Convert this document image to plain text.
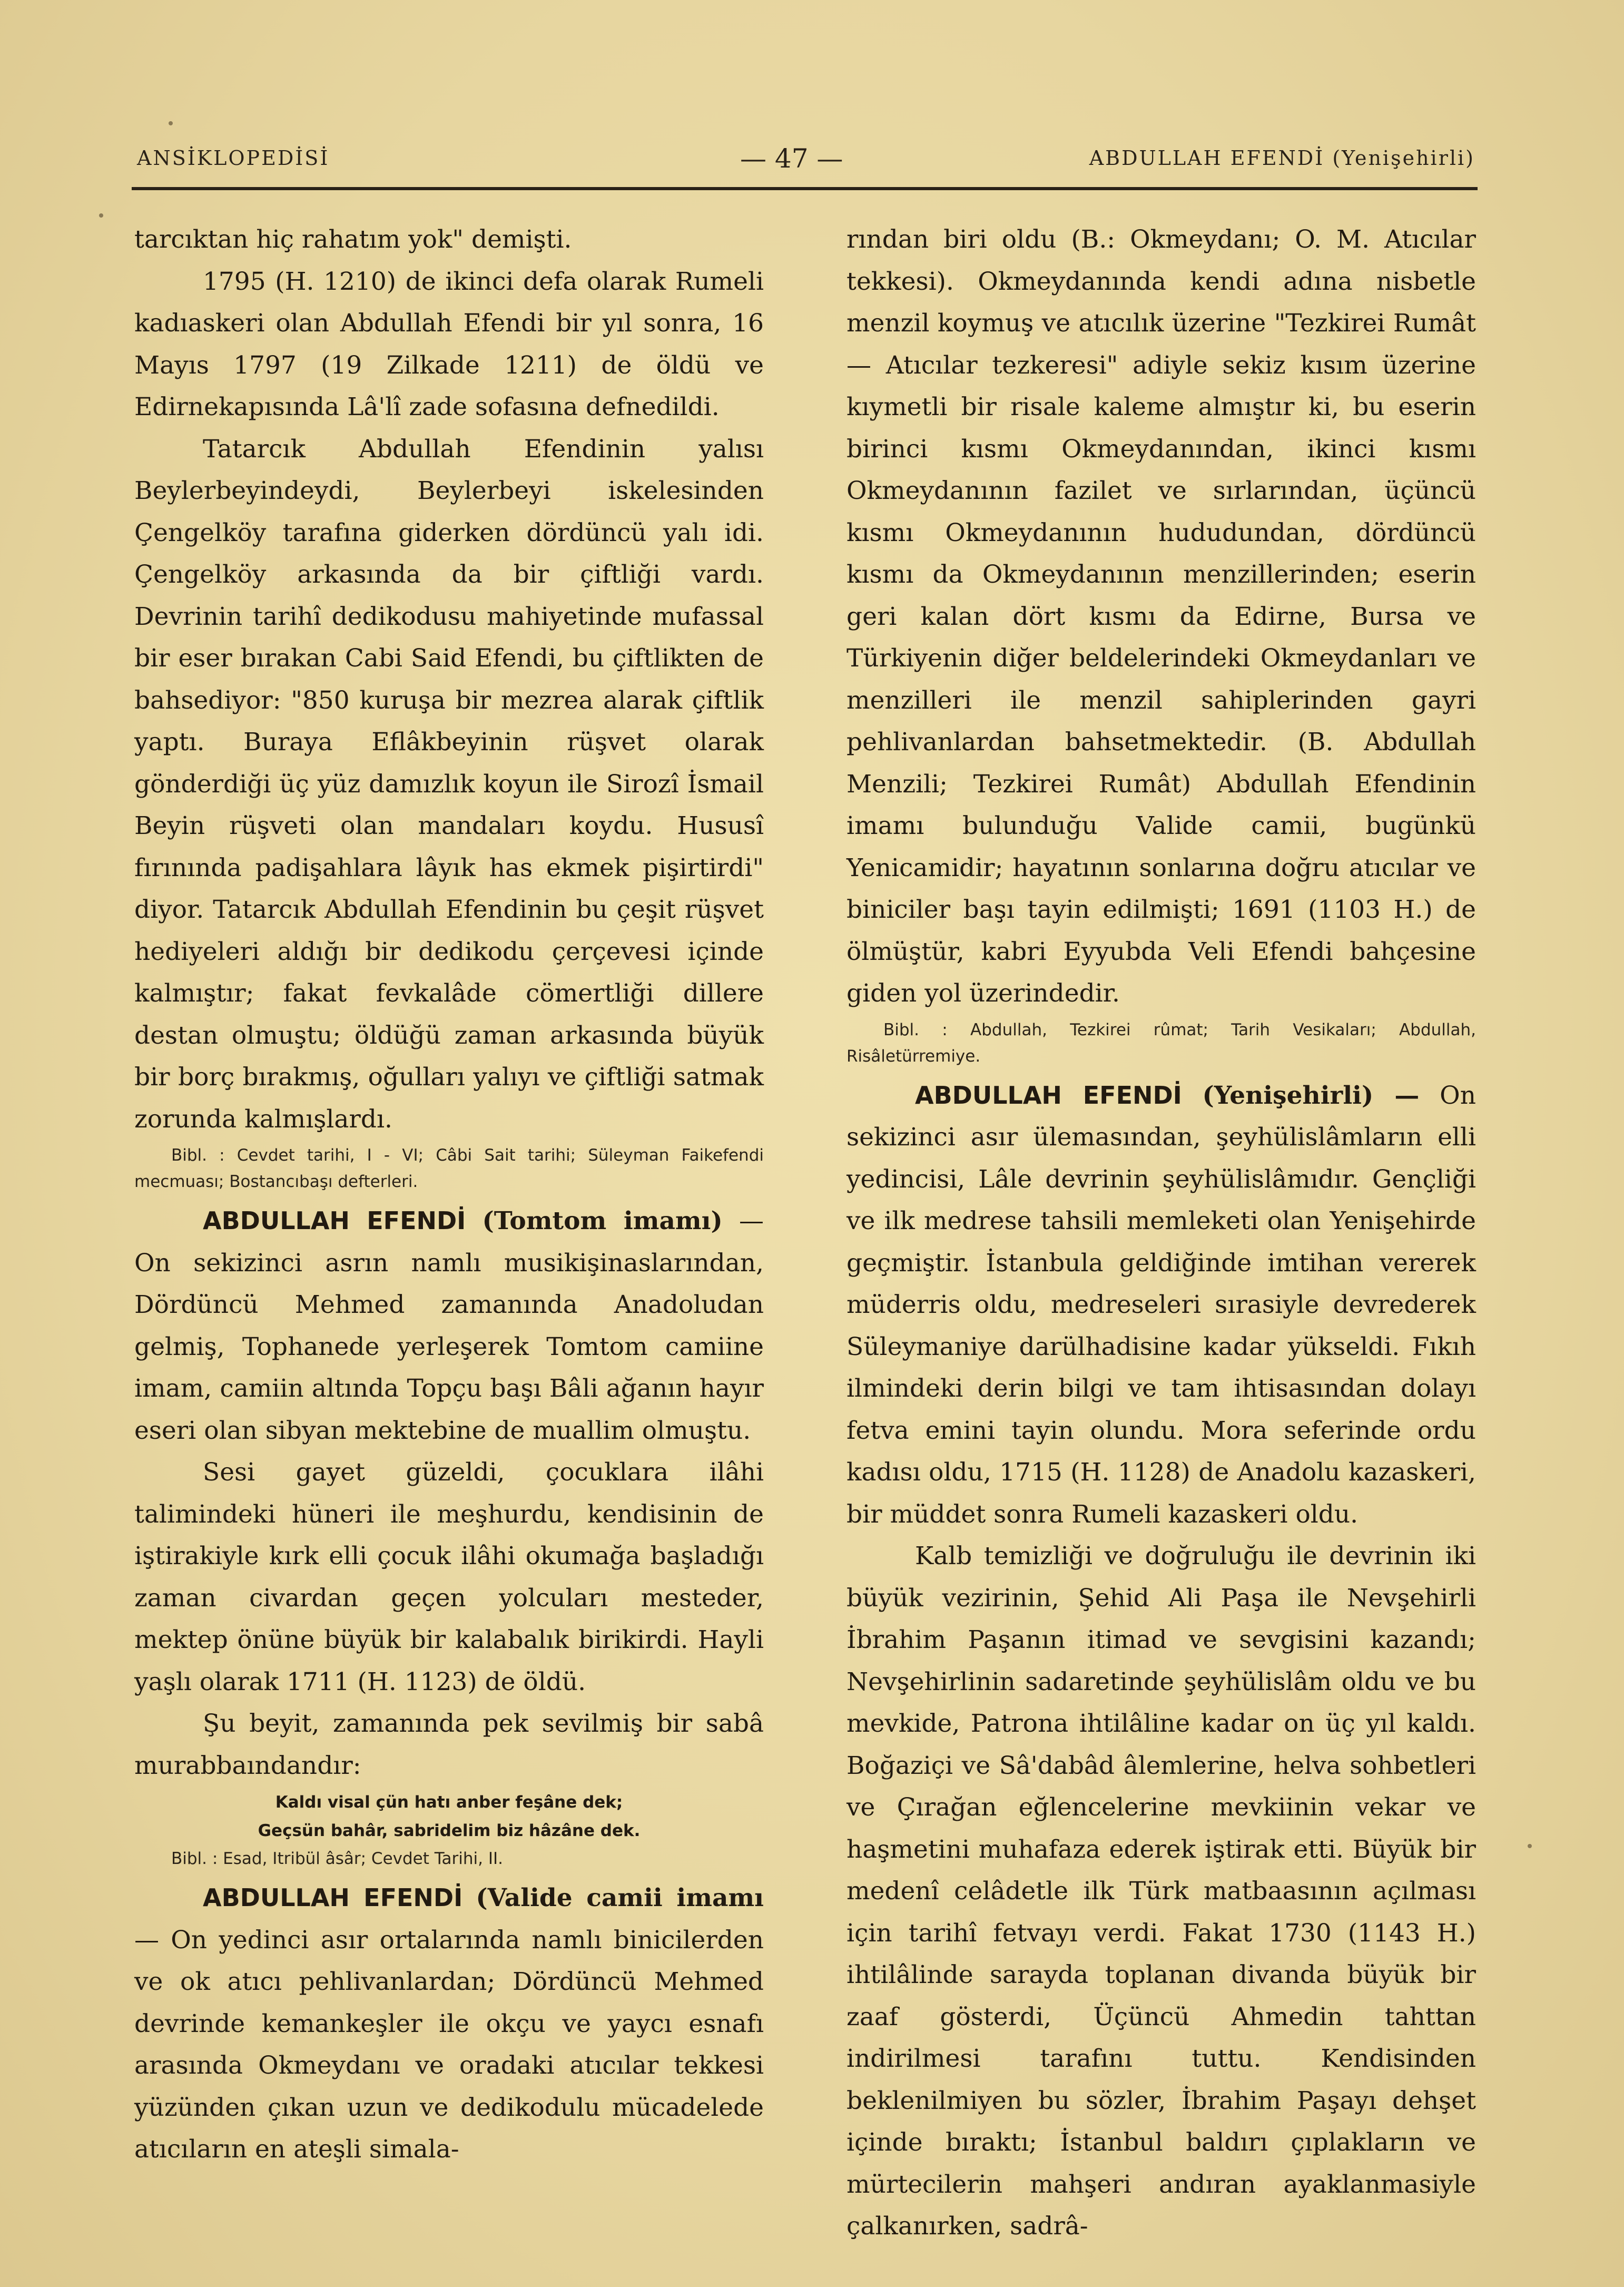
ANSİKLOPEDİSİ	— 47 —	ABDULLAH EFENDİ (Yenişehirli)

tarcıktan hiç rahatım yok" demişti.

1795 (H. 1210) de ikinci defa olarak Rumeli kadıaskeri olan Abdullah Efendi bir yıl sonra, 16 Mayıs 1797 (19 Zilkade 1211) de öldü ve Edirnekapısında Lâ'lî zade sofasına defnedildi.

Tatarcık Abdullah Efendinin yalısı Beylerbeyindeydi, Beylerbeyi iskelesinden Çengelköy tarafına giderken dördüncü yalı idi. Çengelköy arkasında da bir çiftliği vardı. Devrinin tarihî dedikodusu mahiyetinde mufassal bir eser bırakan Cabi Said Efendi, bu çiftlikten de bahsediyor: "850 kuruşa bir mezrea alarak çiftlik yaptı. Buraya Eflâkbeyinin rüşvet olarak gönderdiği üç yüz damızlık koyun ile Sirozî İsmail Beyin rüşveti olan mandaları koydu. Hususî fırınında padişahlara lâyık has ekmek pişirtirdi" diyor. Tatarcık Abdullah Efendinin bu çeşit rüşvet hediyeleri aldığı bir dedikodu çerçevesi içinde kalmıştır; fakat fevkalâde cömertliği dillere destan olmuştu; öldüğü zaman arkasında büyük bir borç bırakmış, oğulları yalıyı ve çiftliği satmak zorunda kalmışlardı.

Bibl. : Cevdet tarihi, I - VI; Câbi Sait tarihi; Süleyman Faikefendi mecmuası; Bostancıbaşı defterleri.

ABDULLAH EFENDİ (Tomtom imamı) — On sekizinci asrın namlı musikişinaslarından, Dördüncü Mehmed zamanında Anadoludan gelmiş, Tophanede yerleşerek Tomtom camiine imam, camiin altında Topçu başı Bâli ağanın hayır eseri olan sibyan mektebine de muallim olmuştu.

Sesi gayet güzeldi, çocuklara ilâhi talimindeki hüneri ile meşhurdu, kendisinin de iştirakiyle kırk elli çocuk ilâhi okumağa başladığı zaman civardan geçen yolcuları mesteder, mektep önüne büyük bir kalabalık birikirdi. Hayli yaşlı olarak 1711 (H. 1123) de öldü.

Şu beyit, zamanında pek sevilmiş bir sabâ murabbaındandır:

Kaldı visal çün hatı anber feşâne dek;

Geçsün bahâr, sabridelim biz hâzâne dek.

Bibl. : Esad, Itribül âsâr; Cevdet Tarihi, II.

ABDULLAH EFENDİ (Valide camii imamı — On yedinci asır ortalarında namlı binicilerden ve ok atıcı pehlivanlardan; Dördüncü Mehmed devrinde kemankeşler ile okçu ve yaycı esnafı arasında Okmeydanı ve oradaki atıcılar tekkesi yüzünden çıkan uzun ve dedikodulu mücadelede atıcıların en ateşli simala-

rından biri oldu (B.: Okmeydanı; O. M. Atıcılar tekkesi). Okmeydanında kendi adına nisbetle menzil koymuş ve atıcılık üzerine "Tezkirei Rumât — Atıcılar tezkeresi" adiyle sekiz kısım üzerine kıymetli bir risale kaleme almıştır ki, bu eserin birinci kısmı Okmeydanından, ikinci kısmı Okmeydanının fazilet ve sırlarından, üçüncü kısmı Okmeydanının hududundan, dördüncü kısmı da Okmeydanının menzillerinden; eserin geri kalan dört kısmı da Edirne, Bursa ve Türkiyenin diğer beldelerindeki Okmeydanları ve menzilleri ile menzil sahiplerinden gayri pehlivanlardan bahsetmektedir. (B. Abdullah Menzili; Tezkirei Rumât) Abdullah Efendinin imamı bulunduğu Valide camii, bugünkü Yenicamidir; hayatının sonlarına doğru atıcılar ve biniciler başı tayin edilmişti; 1691 (1103 H.) de ölmüştür, kabri Eyyubda Veli Efendi bahçesine giden yol üzerindedir.

Bibl. : Abdullah, Tezkirei rûmat; Tarih Vesikaları; Abdullah, Risâletürremiye.

ABDULLAH EFENDİ (Yenişehirli) — On sekizinci asır ülemasından, şeyhülislâmların elli yedincisi, Lâle devrinin şeyhülislâmıdır. Gençliği ve ilk medrese tahsili memleketi olan Yenişehirde geçmiştir. İstanbula geldiğinde imtihan vererek müderris oldu, medreseleri sırasiyle devrederek Süleymaniye darülhadisine kadar yükseldi. Fıkıh ilmindeki derin bilgi ve tam ihtisasından dolayı fetva emini tayin olundu. Mora seferinde ordu kadısı oldu, 1715 (H. 1128) de Anadolu kazaskeri, bir müddet sonra Rumeli kazaskeri oldu.

Kalb temizliği ve doğruluğu ile devrinin iki büyük vezirinin, Şehid Ali Paşa ile Nevşehirli İbrahim Paşanın itimad ve sevgisini kazandı; Nevşehirlinin sadaretinde şeyhülislâm oldu ve bu mevkide, Patrona ihtilâline kadar on üç yıl kaldı. Boğaziçi ve Sâ'dabâd âlemlerine, helva sohbetleri ve Çırağan eğlencelerine mevkiinin vekar ve haşmetini muhafaza ederek iştirak etti. Büyük bir medenî celâdetle ilk Türk matbaasının açılması için tarihî fetvayı verdi. Fakat 1730 (1143 H.) ihtilâlinde sarayda toplanan divanda büyük bir zaaf gösterdi, Üçüncü Ahmedin tahttan indirilmesi tarafını tuttu. Kendisinden beklenilmiyen bu sözler, İbrahim Paşayı dehşet içinde bıraktı; İstanbul baldırı çıplakların ve mürtecilerin mahşeri andıran ayaklanmasiyle çalkanırken, sadrâ-
